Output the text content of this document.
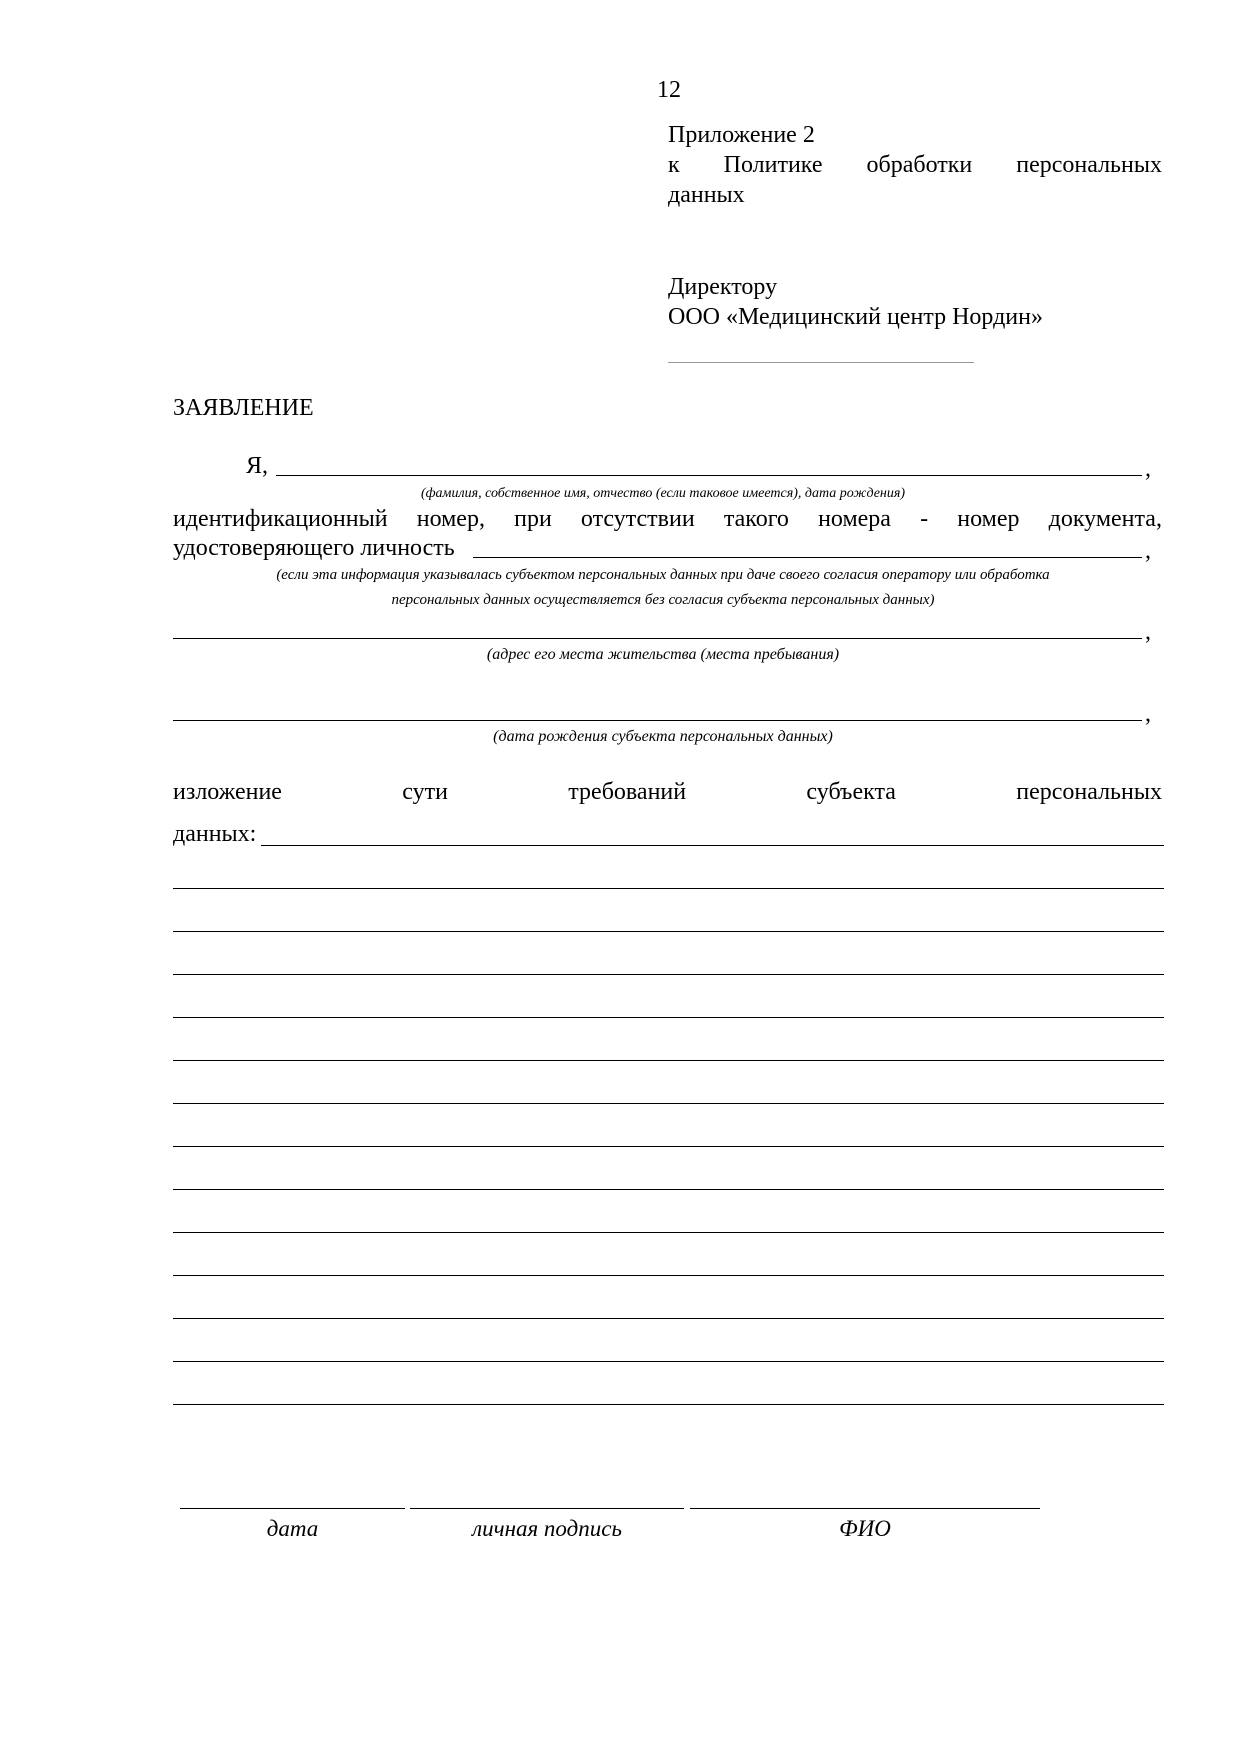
12
Приложение 2
к Политике обработки персональных
данных
Директору
ООО «Медицинский центр Нордин»
ЗАЯВЛЕНИЕ
Я,	,
(фамилия, собственное имя, отчество (если таковое имеется), дата рождения)
идентификационный номер, при отсутствии такого номера - номер документа,
удостоверяющего личность	,
(если эта информация указывалась субъектом персональных данных при даче своего согласия оператору или обработка
персональных данных осуществляется без согласия субъекта персональных данных)
,
(адрес его места жительства (места пребывания)
,
(дата рождения субъекта персональных данных)
изложение	сути	требований	субъекта	персональных
данных:
дата	личная подпись	ФИО
